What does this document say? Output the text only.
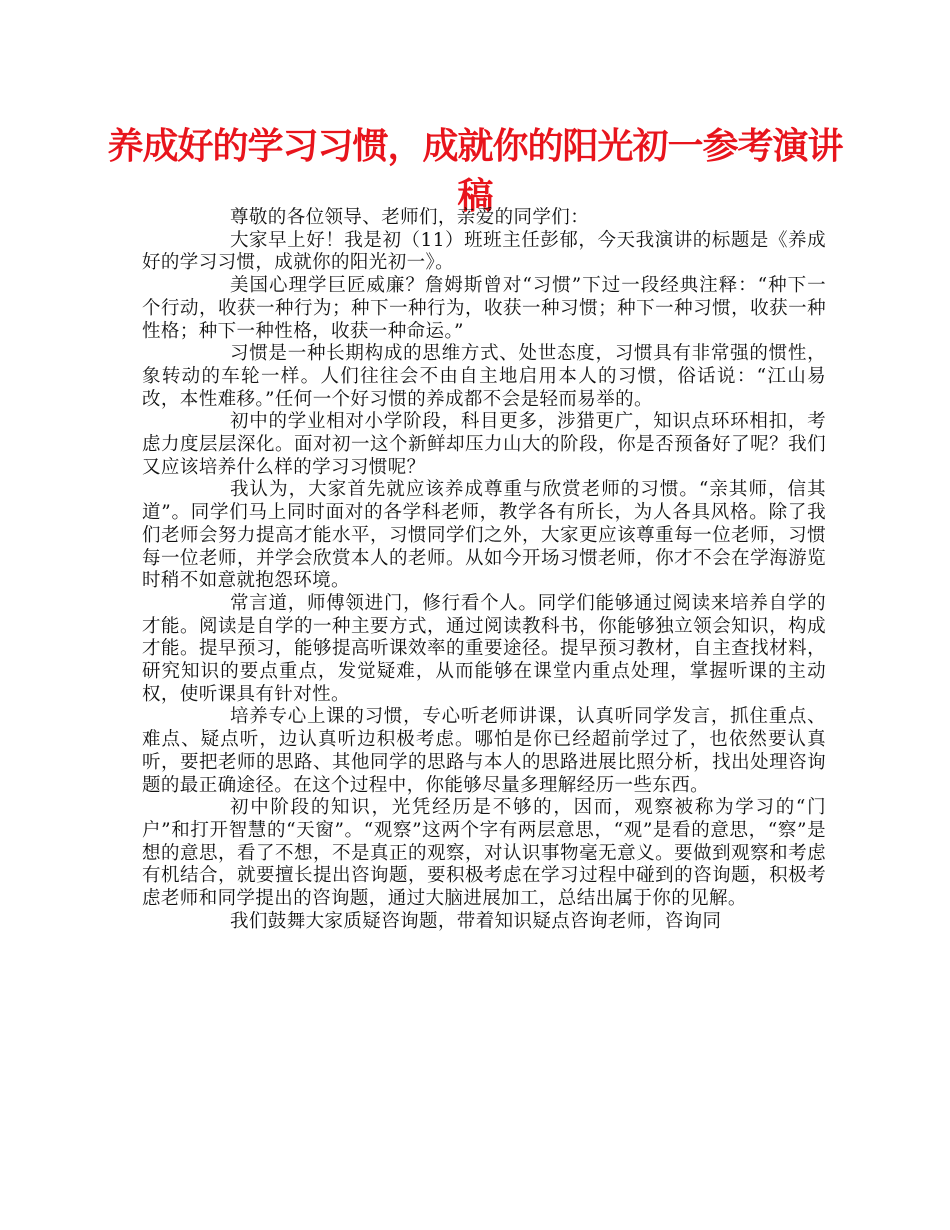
养成好的学习习惯，成就你的阳光初一参考演讲稿

尊敬的各位领导、老师们，亲爱的同学们：

大家早上好！我是初（11）班班主任彭郁，今天我演讲的标题是《养成好的学习习惯，成就你的阳光初一》。

美国心理学巨匠威廉？詹姆斯曾对“习惯”下过一段经典注释：“种下一个行动，收获一种行为；种下一种行为，收获一种习惯；种下一种习惯，收获一种性格；种下一种性格，收获一种命运。”

习惯是一种长期构成的思维方式、处世态度，习惯具有非常强的惯性，象转动的车轮一样。人们往往会不由自主地启用本人的习惯，俗话说：“江山易改，本性难移。”任何一个好习惯的养成都不会是轻而易举的。

初中的学业相对小学阶段，科目更多，涉猎更广，知识点环环相扣，考虑力度层层深化。面对初一这个新鲜却压力山大的阶段，你是否预备好了呢？我们又应该培养什么样的学习习惯呢？

我认为，大家首先就应该养成尊重与欣赏老师的习惯。“亲其师，信其道”。同学们马上同时面对的各学科老师，教学各有所长，为人各具风格。除了我们老师会努力提高才能水平，习惯同学们之外，大家更应该尊重每一位老师，习惯每一位老师，并学会欣赏本人的老师。从如今开场习惯老师，你才不会在学海游览时稍不如意就抱怨环境。

常言道，师傅领进门，修行看个人。同学们能够通过阅读来培养自学的才能。阅读是自学的一种主要方式，通过阅读教科书，你能够独立领会知识，构成才能。提早预习，能够提高听课效率的重要途径。提早预习教材，自主查找材料，研究知识的要点重点，发觉疑难，从而能够在课堂内重点处理，掌握听课的主动权，使听课具有针对性。

培养专心上课的习惯，专心听老师讲课，认真听同学发言，抓住重点、难点、疑点听，边认真听边积极考虑。哪怕是你已经超前学过了，也依然要认真听，要把老师的思路、其他同学的思路与本人的思路进展比照分析，找出处理咨询题的最正确途径。在这个过程中，你能够尽量多理解经历一些东西。

初中阶段的知识，光凭经历是不够的，因而，观察被称为学习的“门户”和打开智慧的“天窗”。“观察”这两个字有两层意思，“观”是看的意思，“察”是想的意思，看了不想，不是真正的观察，对认识事物毫无意义。要做到观察和考虑有机结合，就要擅长提出咨询题，要积极考虑在学习过程中碰到的咨询题，积极考虑老师和同学提出的咨询题，通过大脑进展加工，总结出属于你的见解。

我们鼓舞大家质疑咨询题，带着知识疑点咨询老师，咨询同
